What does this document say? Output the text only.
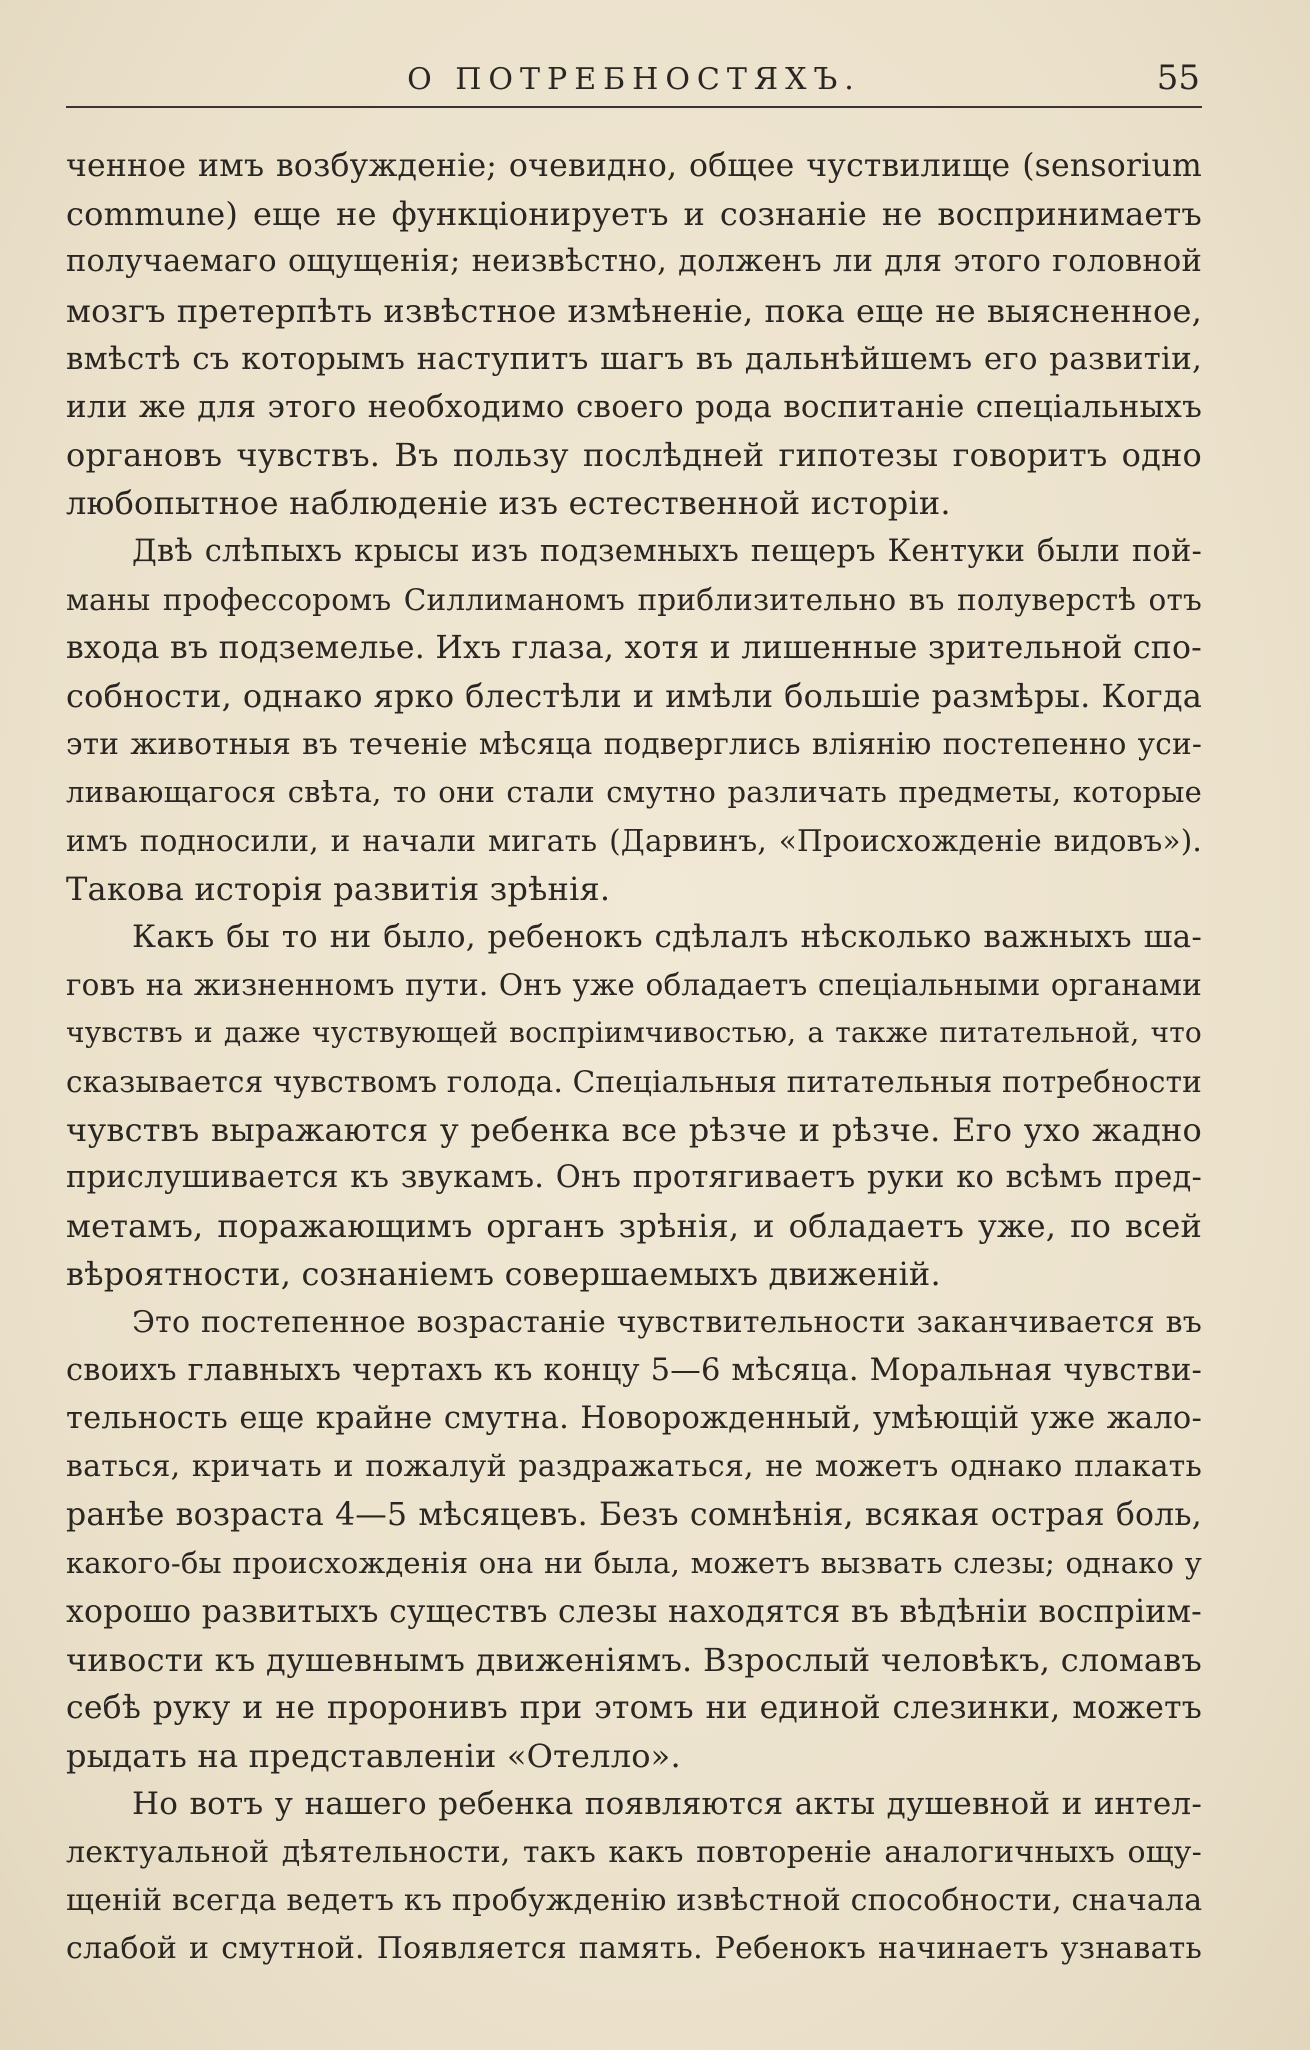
О ПОТРЕБНОСТЯХЪ.	55
ченное имъ возбужденіе; очевидно, общее чуствилище (sensorium
commune) еще не функціонируетъ и сознаніе не воспринимаетъ
получаемаго ощущенія; неизвѣстно, долженъ ли для этого головной
мозгъ претерпѣть извѣстное измѣненіе, пока еще не выясненное,
вмѣстѣ съ которымъ наступитъ шагъ въ дальнѣйшемъ его развитіи,
или же для этого необходимо своего рода воспитаніе спеціальныхъ
органовъ чувствъ. Въ пользу послѣдней гипотезы говоритъ одно
любопытное наблюденіе изъ естественной исторіи.
Двѣ слѣпыхъ крысы изъ подземныхъ пещеръ Кентуки были пой-
маны профессоромъ Силлиманомъ приблизительно въ полуверстѣ отъ
входа въ подземелье. Ихъ глаза, хотя и лишенные зрительной спо-
собности, однако ярко блестѣли и имѣли большіе размѣры. Когда
эти животныя въ теченіе мѣсяца подверглись вліянію постепенно уси-
ливающагося свѣта, то они стали смутно различать предметы, которые
имъ подносили, и начали мигать (Дарвинъ, «Происхожденіе видовъ»).
Такова исторія развитія зрѣнія.
Какъ бы то ни было, ребенокъ сдѣлалъ нѣсколько важныхъ ша-
говъ на жизненномъ пути. Онъ уже обладаетъ спеціальными органами
чувствъ и даже чуствующей воспріимчивостью, а также питательной, что
сказывается чувствомъ голода. Спеціальныя питательныя потребности
чувствъ выражаются у ребенка все рѣзче и рѣзче. Его ухо жадно
прислушивается къ звукамъ. Онъ протягиваетъ руки ко всѣмъ пред-
метамъ, поражающимъ органъ зрѣнія, и обладаетъ уже, по всей
вѣроятности, сознаніемъ совершаемыхъ движеній.
Это постепенное возрастаніе чувствительности заканчивается въ
своихъ главныхъ чертахъ къ концу 5—6 мѣсяца. Моральная чувстви-
тельность еще крайне смутна. Новорожденный, умѣющій уже жало-
ваться, кричать и пожалуй раздражаться, не можетъ однако плакать
ранѣе возраста 4—5 мѣсяцевъ. Безъ сомнѣнія, всякая острая боль,
какого-бы происхожденія она ни была, можетъ вызвать слезы; однако у
хорошо развитыхъ существъ слезы находятся въ вѣдѣніи воспріим-
чивости къ душевнымъ движеніямъ. Взрослый человѣкъ, сломавъ
себѣ руку и не проронивъ при этомъ ни единой слезинки, можетъ
рыдать на представленіи «Отелло».
Но вотъ у нашего ребенка появляются акты душевной и интел-
лектуальной дѣятельности, такъ какъ повтореніе аналогичныхъ ощу-
щеній всегда ведетъ къ пробужденію извѣстной способности, сначала
слабой и смутной. Появляется память. Ребенокъ начинаетъ узнавать
